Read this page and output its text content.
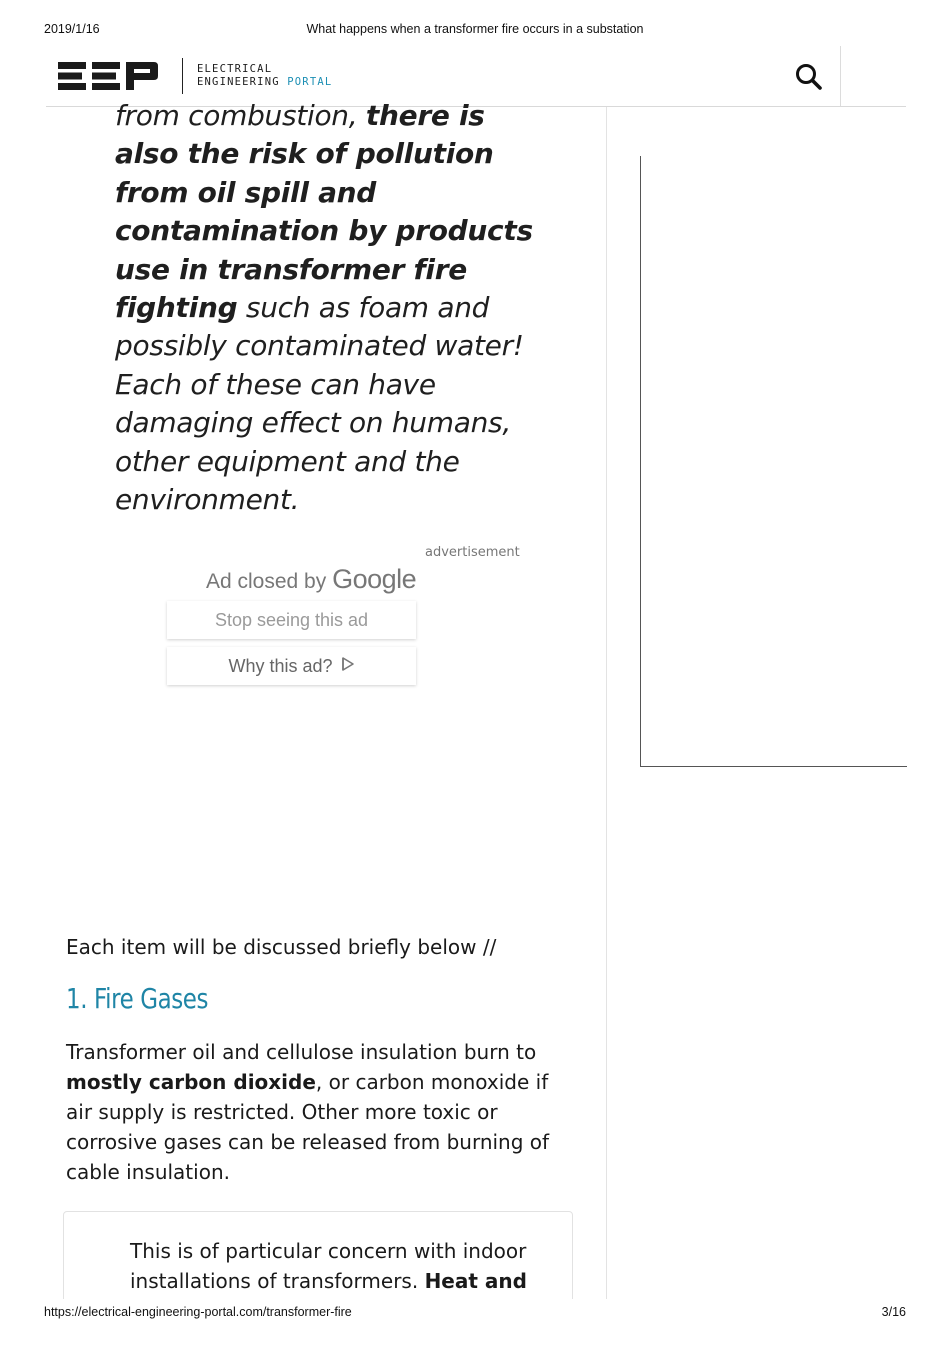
2019/1/16	What happens when a transformer fire occurs in a substation
ELECTRICAL
ENGINEERING PORTAL
from combustion, there is also the risk of pollution from oil spill and contamination by products use in transformer fire fighting such as foam and possibly contaminated water! Each of these can have damaging effect on humans, other equipment and the environment.
advertisement
Ad closed by Google
Stop seeing this ad
Why this ad?
Each item will be discussed briefly below //
1. Fire Gases
Transformer oil and cellulose insulation burn to mostly carbon dioxide, or carbon monoxide if air supply is restricted. Other more toxic or corrosive gases can be released from burning of cable insulation.
This is of particular concern with indoor installations of transformers. Heat and
https://electrical-engineering-portal.com/transformer-fire	3/16
